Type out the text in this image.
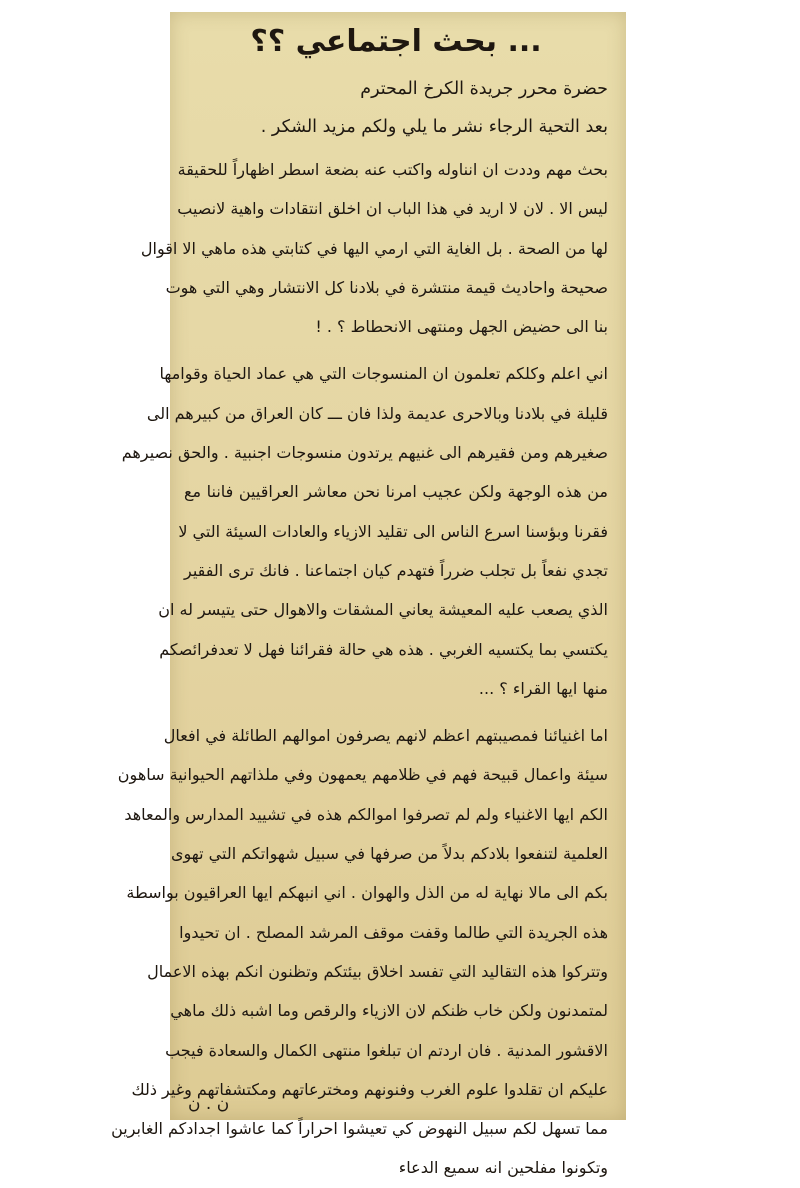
... بحث اجتماعي ؟؟
حضرة محرر جريدة الكرخ المحترم
بعد التحية الرجاء نشر ما يلي ولكم مزيد الشكر .
بحث مهم وددت ان انناوله واكتب عنه بضعة اسطر اظهاراً للحقيقة
ليس الا . لان لا اريد في هذا الباب ان اخلق انتقادات واهية لانصيب
لها من الصحة . بل الغاية التي ارمي اليها في كتابتي هذه ماهي الا اقوال
صحيحة واحاديث قيمة منتشرة في بلادنا كل الانتشار وهي التي هوت
بنا الى حضيض الجهل ومنتهى الانحطاط ؟ . !
اني اعلم وكلكم تعلمون ان المنسوجات التي هي عماد الحياة وقوامها
قليلة في بلادنا وبالاحرى عديمة ولذا فان ـــ كان العراق من كبيرهم الى
صغيرهم ومن فقيرهم الى غنيهم يرتدون منسوجات اجنبية . والحق نصيرهم
من هذه الوجهة ولكن عجيب امرنا نحن معاشر العراقيين فاننا مع
فقرنا وبؤسنا اسرع الناس الى تقليد الازياء والعادات السيئة التي لا
تجدي نفعاً بل تجلب ضرراً فتهدم كيان اجتماعنا . فانك ترى الفقير
الذي يصعب عليه المعيشة يعاني المشقات والاهوال حتى يتيسر له ان
يكتسي بما يكتسيه الغربي . هذه هي حالة فقرائنا فهل لا تعدفرائصكم
منها ايها القراء ؟ ...
اما اغنيائنا فمصيبتهم اعظم لانهم يصرفون اموالهم الطائلة في افعال
سيئة واعمال قبيحة فهم في ظلامهم يعمهون وفي ملذاتهم الحيوانية ساهون
الكم ايها الاغنياء ولم لم تصرفوا اموالكم هذه في تشييد المدارس والمعاهد
العلمية لتنفعوا بلادكم بدلاً من صرفها في سبيل شهواتكم التي تهوى
بكم الى مالا نهاية له من الذل والهوان . اني انبهكم ايها العراقيون بواسطة
هذه الجريدة التي طالما وقفت موقف المرشد المصلح . ان تحيدوا
وتتركوا هذه التقاليد التي تفسد اخلاق بيئتكم وتظنون انكم بهذه الاعمال
لمتمدنون ولكن خاب ظنكم لان الازياء والرقص وما اشبه ذلك ماهي
الاقشور المدنية . فان اردتم ان تبلغوا منتهى الكمال والسعادة فيجب
عليكم ان تقلدوا علوم الغرب وفنونهم ومخترعاتهم ومكتشفاتهم وغير ذلك
مما تسهل لكم سبيل النهوض كي تعيشوا احراراً كما عاشوا اجدادكم الغابرين
وتكونوا مفلحين انه سميع الدعاء
ن . ن
